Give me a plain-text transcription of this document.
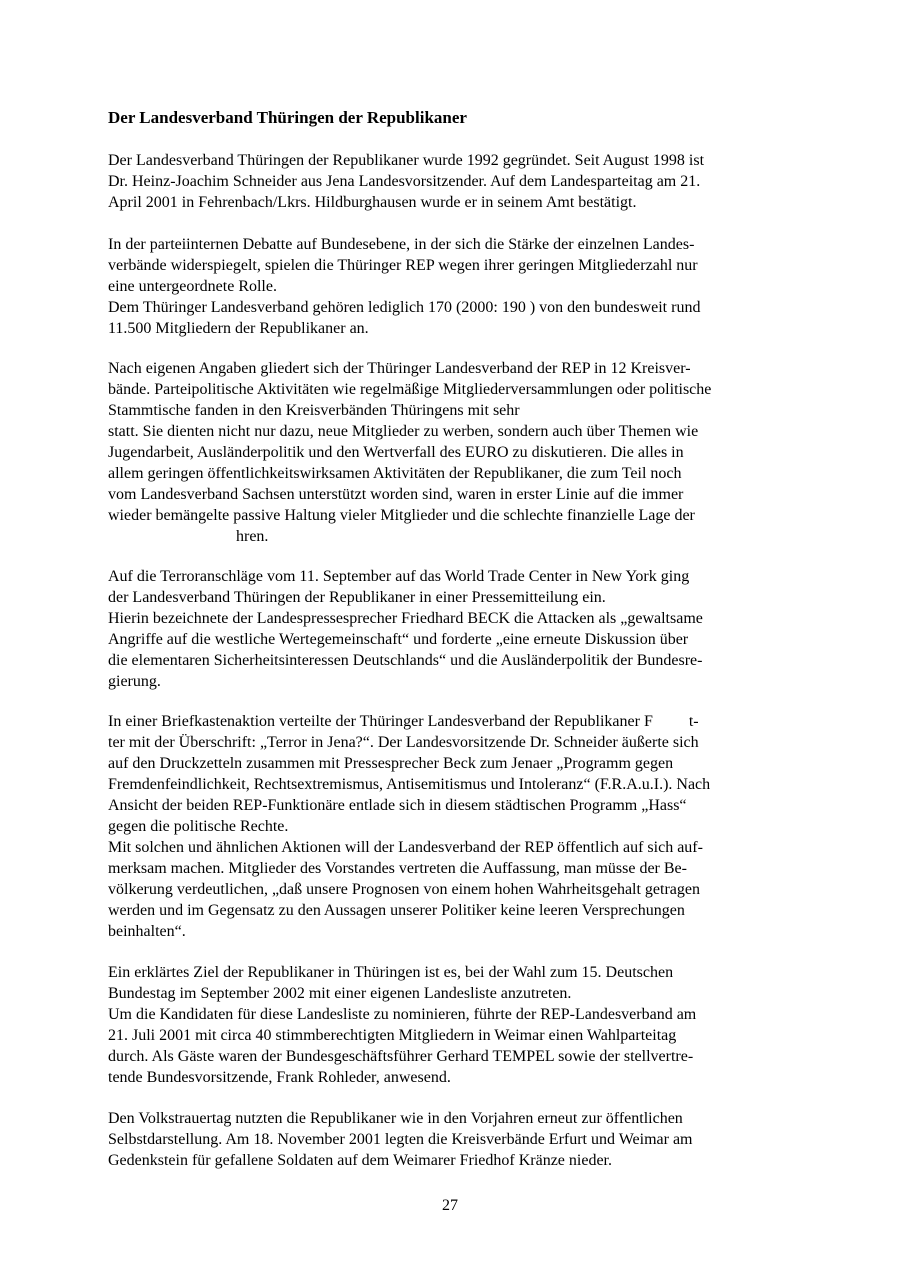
Der Landesverband Thüringen der Republikaner
Der Landesverband Thüringen der Republikaner wurde 1992 gegründet. Seit August 1998 ist
Dr. Heinz-Joachim Schneider aus Jena Landesvorsitzender. Auf dem Landesparteitag am 21.
April 2001 in Fehrenbach/Lkrs. Hildburghausen wurde er in seinem Amt bestätigt.
In der parteiinternen Debatte auf Bundesebene, in der sich die Stärke der einzelnen Landes-
verbände widerspiegelt, spielen die Thüringer REP wegen ihrer geringen Mitgliederzahl nur
eine untergeordnete Rolle.
Dem Thüringer Landesverband gehören lediglich 170 (2000: 190 ) von den bundesweit rund
11.500 Mitgliedern der Republikaner an.
Nach eigenen Angaben gliedert sich der Thüringer Landesverband der REP in 12 Kreisver-
bände. Parteipolitische Aktivitäten wie regelmäßige Mitgliederversammlungen oder politische
Stammtische fanden in den Kreisverbänden Thüringens mit sehr
statt. Sie dienten nicht nur dazu, neue Mitglieder zu werben, sondern auch über Themen wie
Jugendarbeit, Ausländerpolitik und den Wertverfall des EURO zu diskutieren. Die alles in
allem geringen öffentlichkeitswirksamen Aktivitäten der Republikaner, die zum Teil noch
vom Landesverband Sachsen unterstützt worden sind, waren in erster Linie auf die immer
wieder bemängelte passive Haltung vieler Mitglieder und die schlechte finanzielle Lage der
hren.
Auf die Terroranschläge vom 11. September auf das World Trade Center in New York ging
der Landesverband Thüringen der Republikaner in einer Pressemitteilung ein.
Hierin bezeichnete der Landespressesprecher Friedhard BECK die Attacken als „gewaltsame
Angriffe auf die westliche Wertegemeinschaft“ und forderte „eine erneute Diskussion über
die elementaren Sicherheitsinteressen Deutschlands“ und die Ausländerpolitik der Bundesre-
gierung.
In einer Briefkastenaktion verteilte der Thüringer Landesverband der Republikaner F         t-
ter mit der Überschrift: „Terror in Jena?“. Der Landesvorsitzende Dr. Schneider äußerte sich
auf den Druckzetteln zusammen mit Pressesprecher Beck zum Jenaer „Programm gegen
Fremdenfeindlichkeit, Rechtsextremismus, Antisemitismus und Intoleranz“ (F.R.A.u.I.). Nach
Ansicht der beiden REP-Funktionäre entlade sich in diesem städtischen Programm „Hass“
gegen die politische Rechte.
Mit solchen und ähnlichen Aktionen will der Landesverband der REP öffentlich auf sich auf-
merksam machen. Mitglieder des Vorstandes vertreten die Auffassung, man müsse der Be-
völkerung verdeutlichen, „daß unsere Prognosen von einem hohen Wahrheitsgehalt getragen
werden und im Gegensatz zu den Aussagen unserer Politiker keine leeren Versprechungen
beinhalten“.
Ein erklärtes Ziel der Republikaner in Thüringen ist es, bei der Wahl zum 15. Deutschen
Bundestag im September 2002 mit einer eigenen Landesliste anzutreten.
Um die Kandidaten für diese Landesliste zu nominieren, führte der REP-Landesverband am
21. Juli 2001 mit circa 40 stimmberechtigten Mitgliedern in Weimar einen Wahlparteitag
durch. Als Gäste waren der Bundesgeschäftsführer Gerhard TEMPEL sowie der stellvertre-
tende Bundesvorsitzende, Frank Rohleder, anwesend.
Den Volkstrauertag nutzten die Republikaner wie in den Vorjahren erneut zur öffentlichen
Selbstdarstellung. Am 18. November 2001 legten die Kreisverbände Erfurt und Weimar am
Gedenkstein für gefallene Soldaten auf dem Weimarer Friedhof Kränze nieder.
27
